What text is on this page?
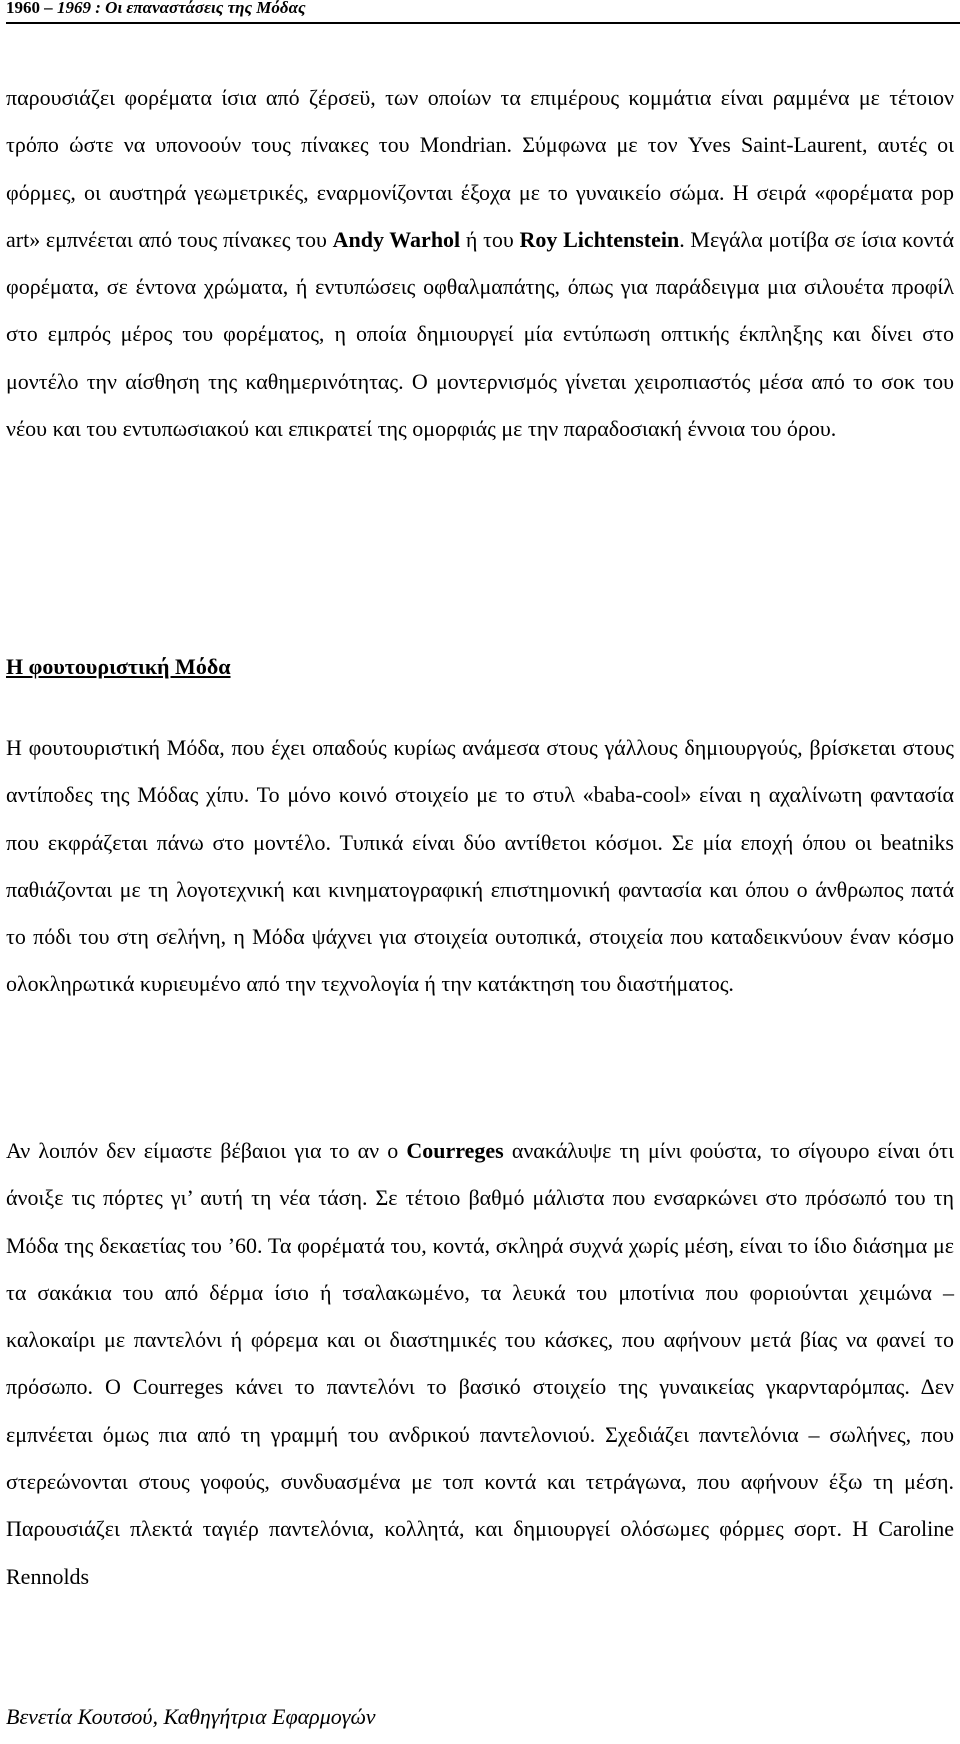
1960 – 1969 : Οι επαναστάσεις της Μόδας

παρουσιάζει φορέματα ίσια από ζέρσεϋ, των οποίων τα επιμέρους κομμάτια είναι ραμμένα με τέτοιον τρόπο ώστε να υπονοούν τους πίνακες του Mondrian. Σύμφωνα με τον Yves Saint-Laurent, αυτές οι φόρμες, οι αυστηρά γεωμετρικές, εναρμονίζονται έξοχα με το γυναικείο σώμα. Η σειρά «φορέματα pop art» εμπνέεται από τους πίνακες του Andy Warhol ή του Roy Lichtenstein. Μεγάλα μοτίβα σε ίσια κοντά φορέματα, σε έντονα χρώματα, ή εντυπώσεις οφθαλμαπάτης, όπως για παράδειγμα μια σιλουέτα προφίλ στο εμπρός μέρος του φορέματος, η οποία δημιουργεί μία εντύπωση οπτικής έκπληξης και δίνει στο μοντέλο την αίσθηση της καθημερινότητας. Ο μοντερνισμός γίνεται χειροπιαστός μέσα από το σοκ του νέου και του εντυπωσιακού και επικρατεί της ομορφιάς με την παραδοσιακή έννοια του όρου.

Η φουτουριστική Μόδα

Η φουτουριστική Μόδα, που έχει οπαδούς κυρίως ανάμεσα στους γάλλους δημιουργούς, βρίσκεται στους αντίποδες της Μόδας χίπυ. Το μόνο κοινό στοιχείο με το στυλ «baba-cool» είναι η αχαλίνωτη φαντασία που εκφράζεται πάνω στο μοντέλο. Τυπικά είναι δύο αντίθετοι κόσμοι. Σε μία εποχή όπου οι beatniks παθιάζονται με τη λογοτεχνική και κινηματογραφική επιστημονική φαντασία και όπου ο άνθρωπος πατά το πόδι του στη σελήνη, η Μόδα ψάχνει για στοιχεία ουτοπικά, στοιχεία που καταδεικνύουν έναν κόσμο ολοκληρωτικά κυριευμένο από την τεχνολογία ή την κατάκτηση του διαστήματος.

Αν λοιπόν δεν είμαστε βέβαιοι για το αν ο Courreges ανακάλυψε τη μίνι φούστα, το σίγουρο είναι ότι άνοιξε τις πόρτες γι’ αυτή τη νέα τάση. Σε τέτοιο βαθμό μάλιστα που ενσαρκώνει στο πρόσωπό του τη Μόδα της δεκαετίας του ’60. Τα φορέματά του, κοντά, σκληρά συχνά χωρίς μέση, είναι το ίδιο διάσημα με τα σακάκια του από δέρμα ίσιο ή τσαλακωμένο, τα λευκά του μποτίνια που φοριούνται χειμώνα – καλοκαίρι με παντελόνι ή φόρεμα και οι διαστημικές του κάσκες, που αφήνουν μετά βίας να φανεί το πρόσωπο. Ο Courreges κάνει το παντελόνι το βασικό στοιχείο της γυναικείας γκαρνταρόμπας. Δεν εμπνέεται όμως πια από τη γραμμή του ανδρικού παντελονιού. Σχεδιάζει παντελόνια – σωλήνες, που στερεώνονται στους γοφούς, συνδυασμένα με τοπ κοντά και τετράγωνα, που αφήνουν έξω τη μέση. Παρουσιάζει πλεκτά ταγιέρ παντελόνια, κολλητά, και δημιουργεί ολόσωμες φόρμες σορτ. Η Caroline Rennolds

Βενετία Κουτσού, Καθηγήτρια Εφαρμογών
